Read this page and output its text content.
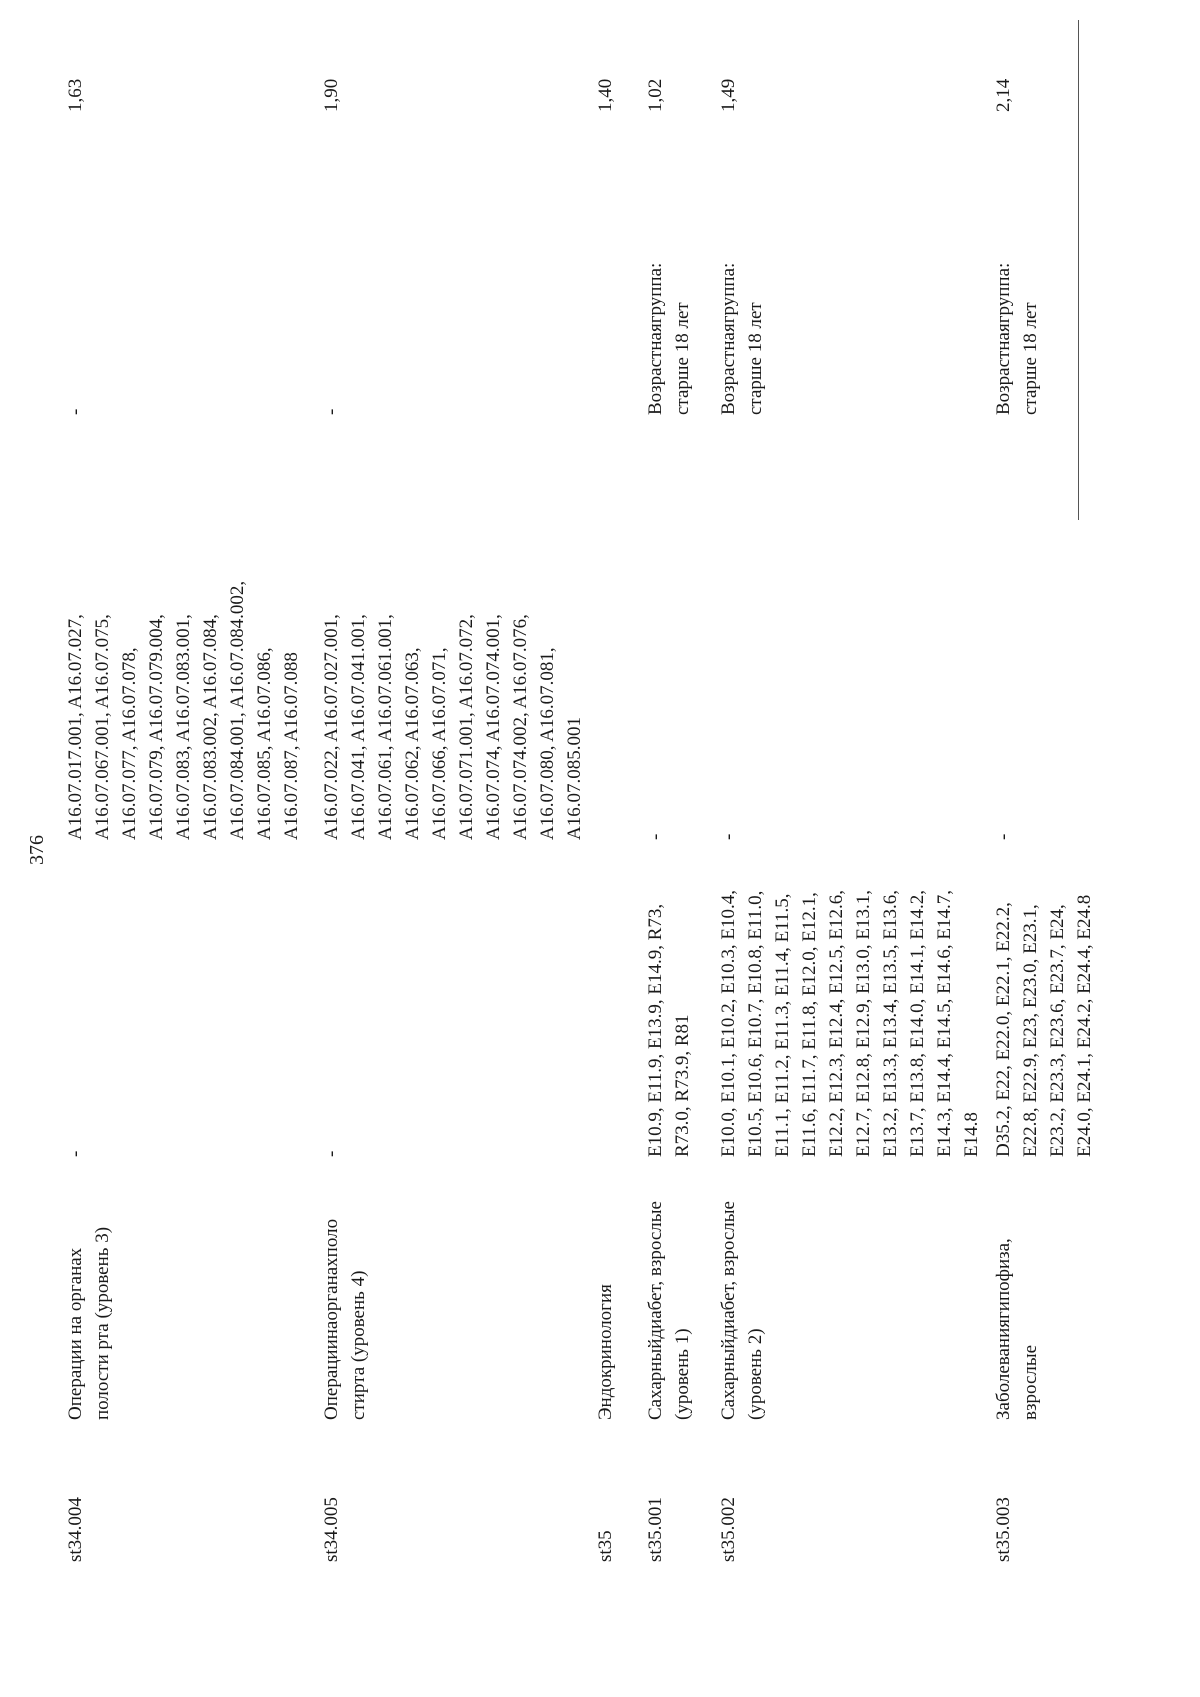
376
st34.004
Операции на органах полости рта (уровень 3)
-
A16.07.017.001, A16.07.027,
A16.07.067.001, A16.07.075,
A16.07.077, A16.07.078,
A16.07.079, A16.07.079.004,
A16.07.083, A16.07.083.001,
A16.07.083.002, A16.07.084,
A16.07.084.001, A16.07.084.002,
A16.07.085, A16.07.086,
A16.07.087, A16.07.088
-
1,63
st34.005
Операциинаорганахполо стирта (уровень 4)
-
A16.07.022, A16.07.027.001,
A16.07.041, A16.07.041.001,
A16.07.061, A16.07.061.001,
A16.07.062, A16.07.063,
A16.07.066, A16.07.071,
A16.07.071.001, A16.07.072,
A16.07.074, A16.07.074.001,
A16.07.074.002, A16.07.076,
A16.07.080, A16.07.081,
A16.07.085.001
-
1,90
st35
Эндокринология
1,40
st35.001
Сахарныйдиабет, взрослые (уровень 1)
E10.9, E11.9, E13.9, E14.9, R73,
R73.0, R73.9, R81
-
Возрастнаягруппа:
старше 18 лет
1,02
st35.002
Сахарныйдиабет, взрослые (уровень 2)
E10.0, E10.1, E10.2, E10.3, E10.4,
E10.5, E10.6, E10.7, E10.8, E11.0,
E11.1, E11.2, E11.3, E11.4, E11.5,
E11.6, E11.7, E11.8, E12.0, E12.1,
E12.2, E12.3, E12.4, E12.5, E12.6,
E12.7, E12.8, E12.9, E13.0, E13.1,
E13.2, E13.3, E13.4, E13.5, E13.6,
E13.7, E13.8, E14.0, E14.1, E14.2,
E14.3, E14.4, E14.5, E14.6, E14.7,
E14.8
-
Возрастнаягруппа:
старше 18 лет
1,49
st35.003
Заболеваниягипофиза, взрослые
D35.2, E22, E22.0, E22.1, E22.2,
E22.8, E22.9, E23, E23.0, E23.1,
E23.2, E23.3, E23.6, E23.7, E24,
E24.0, E24.1, E24.2, E24.4, E24.8
-
Возрастнаягруппа:
старше 18 лет
2,14
